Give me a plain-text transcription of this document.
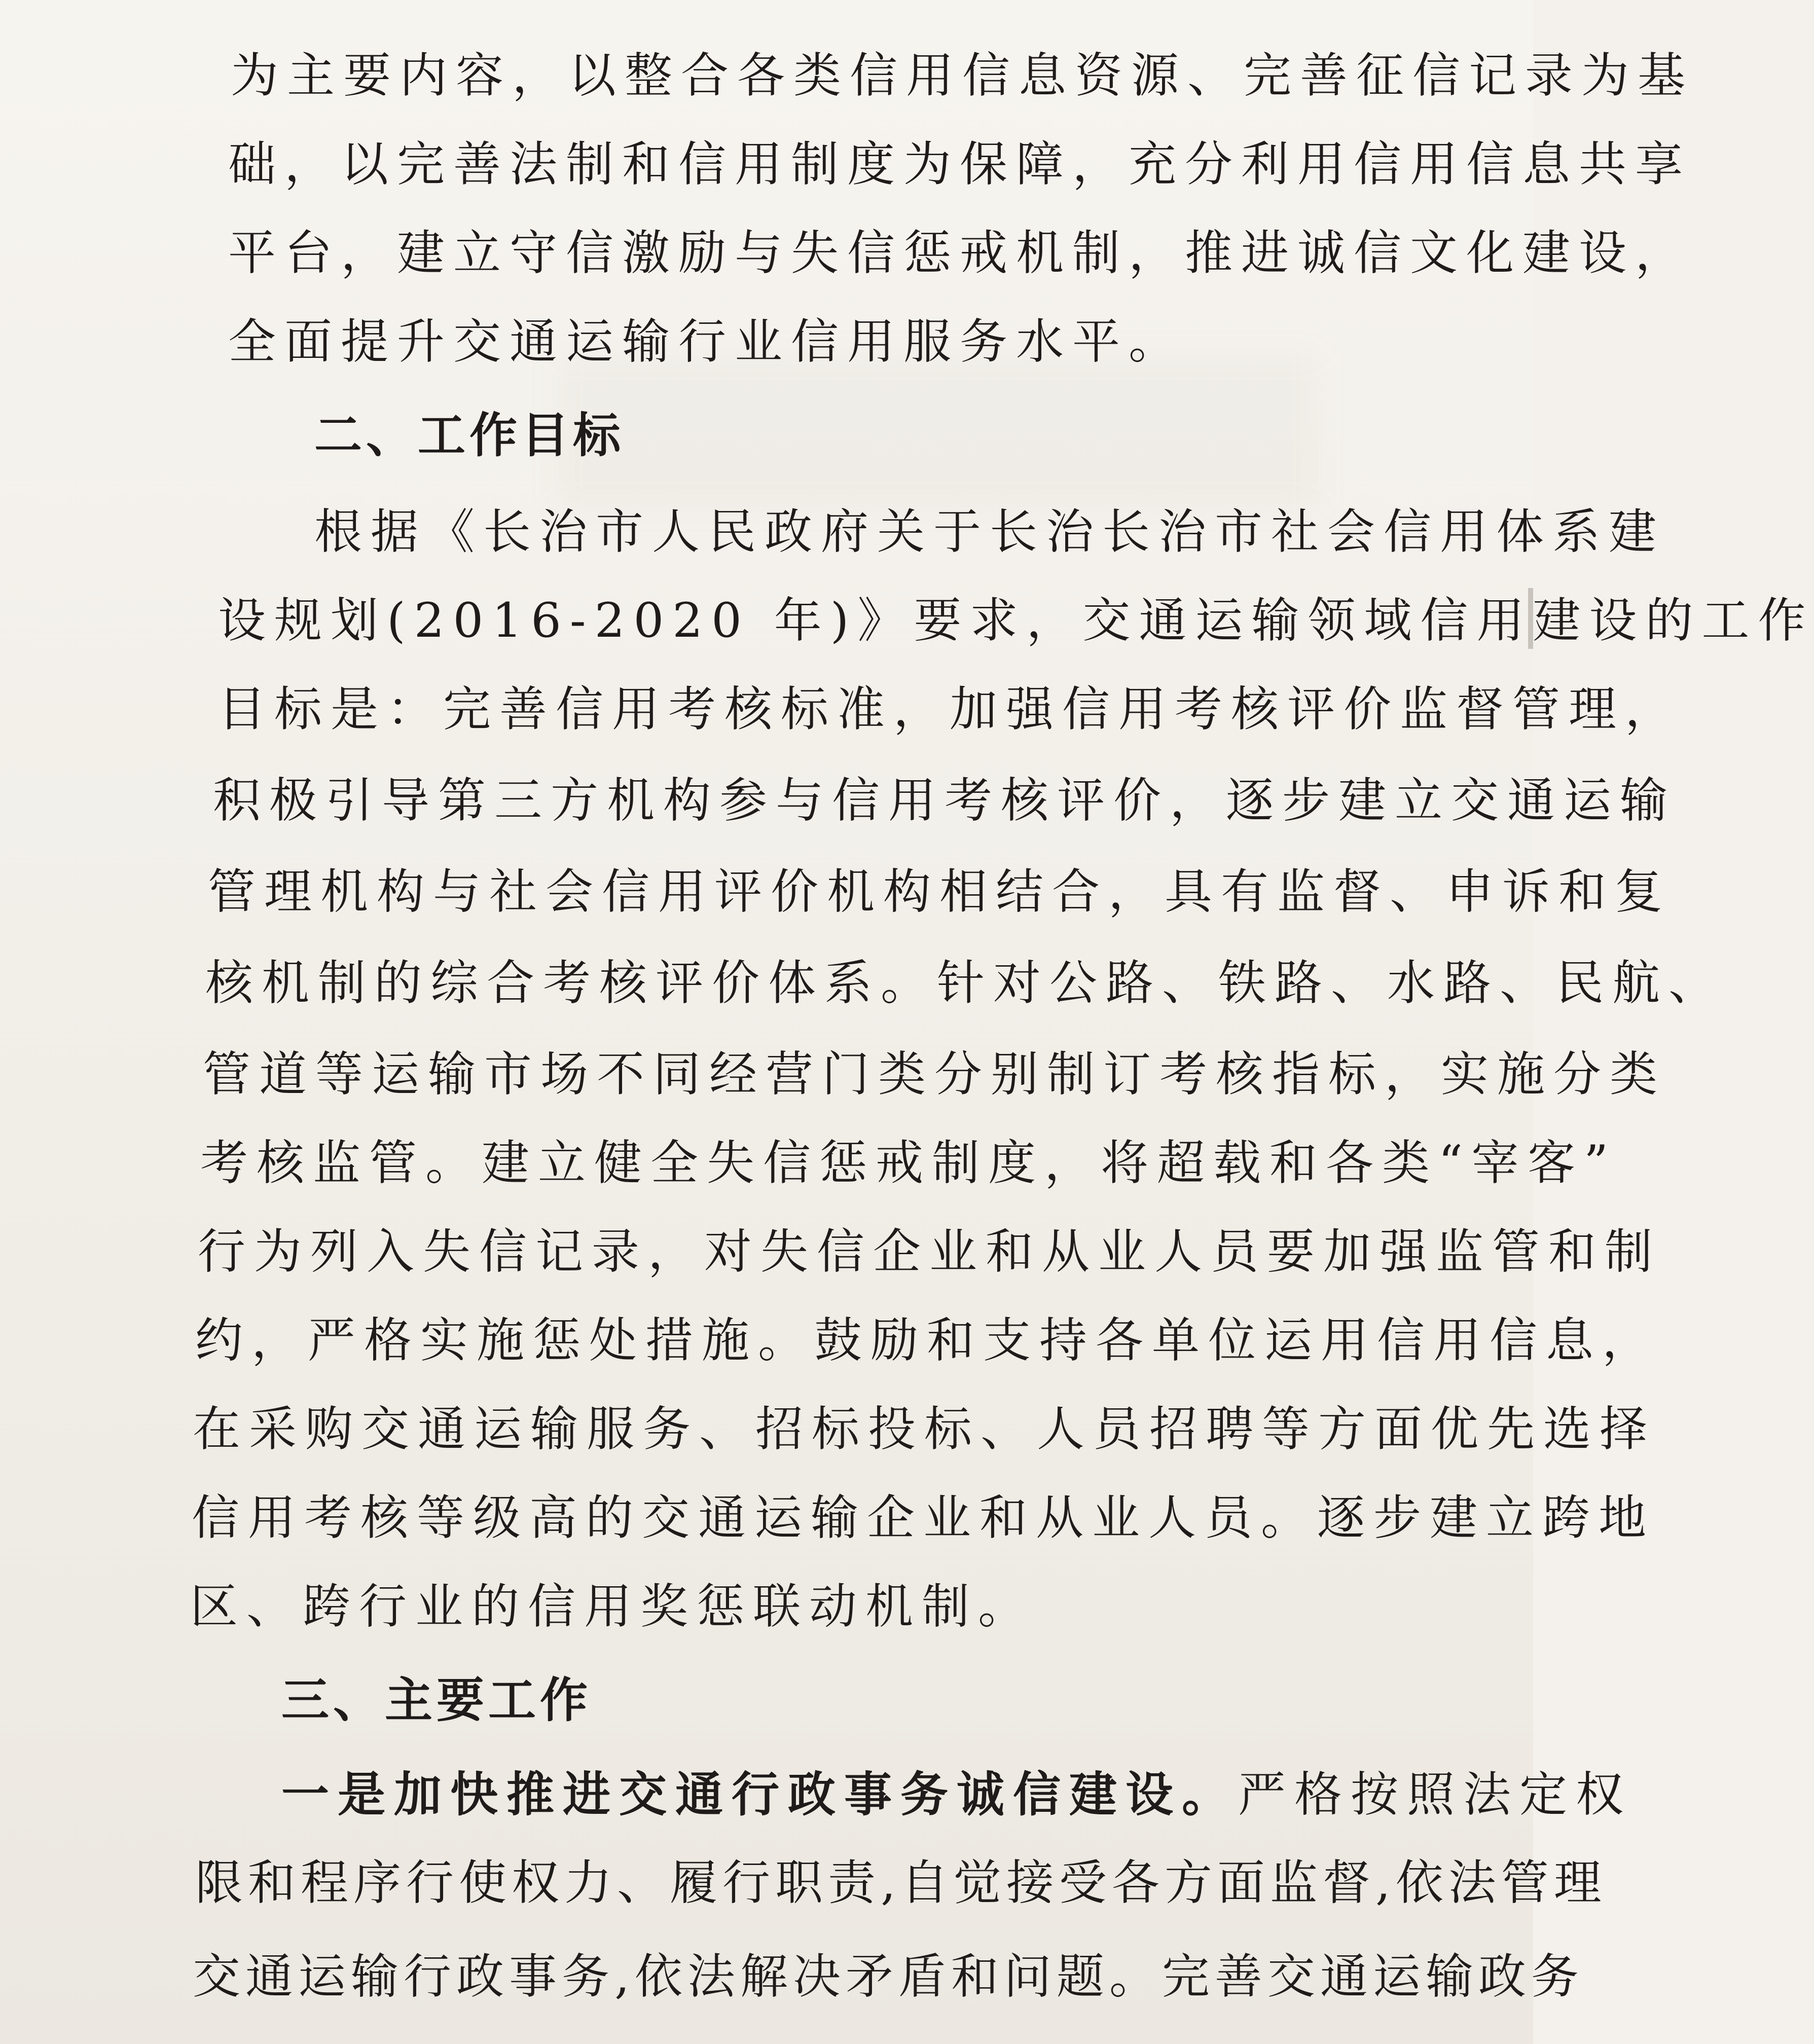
为主要内容，以整合各类信用信息资源、完善征信记录为基
础，以完善法制和信用制度为保障，充分利用信用信息共享
平台，建立守信激励与失信惩戒机制，推进诚信文化建设，
全面提升交通运输行业信用服务水平。
二、工作目标
根据《长治市人民政府关于长治长治市社会信用体系建
设规划(2016-2020 年)》要求，交通运输领域信用建设的工作
目标是：完善信用考核标准，加强信用考核评价监督管理，
积极引导第三方机构参与信用考核评价，逐步建立交通运输
管理机构与社会信用评价机构相结合，具有监督、申诉和复
核机制的综合考核评价体系。针对公路、铁路、水路、民航、
管道等运输市场不同经营门类分别制订考核指标，实施分类
考核监管。建立健全失信惩戒制度，将超载和各类“宰客”
行为列入失信记录，对失信企业和从业人员要加强监管和制
约，严格实施惩处措施。鼓励和支持各单位运用信用信息，
在采购交通运输服务、招标投标、人员招聘等方面优先选择
信用考核等级高的交通运输企业和从业人员。逐步建立跨地
区、跨行业的信用奖惩联动机制。
三、主要工作
一是加快推进交通行政事务诚信建设。严格按照法定权
限和程序行使权力、履行职责,自觉接受各方面监督,依法管理
交通运输行政事务,依法解决矛盾和问题。完善交通运输政务
